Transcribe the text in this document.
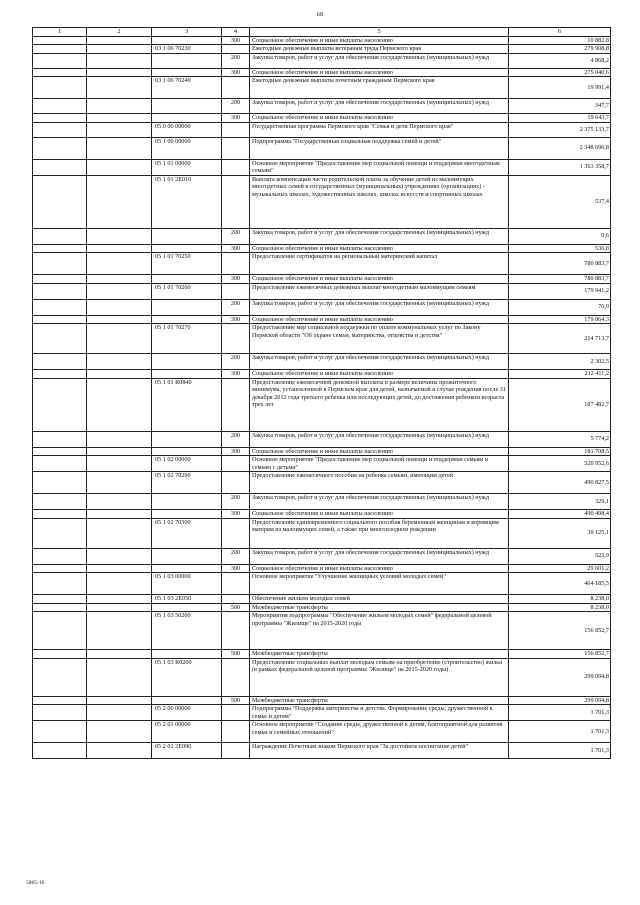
68
1	2	3	4	5	6
			300	Социальное обеспечение и иные выплаты населению	10 882,8
		03 1 06 70230		Ежегодные денежные выплаты ветеранам труда Пермского края	279 908,8
			200	Закупка товаров, работ и услуг для обеспечения государственных (муниципальных) нужд	4 868,2
			300	Социальное обеспечение и иные выплаты населению	275 040,6
		03 1 06 70240		Ежегодные денежные выплаты почетным гражданам Пермского края	19 991,4
			200	Закупка товаров, работ и услуг для обеспечения государственных (муниципальных) нужд	347,7
			300	Социальное обеспечение и иные выплаты населению	19 643,7
		05 0 00 00000		Государственная программа Пермского края "Семья и дети Пермского края"	2 375 133,7
		05 1 00 00000		Подпрограмма "Государственная социальная поддержка семей и детей"	2 348 696,8
		05 1 01 00000		Основное мероприятие "Предоставление мер социальной помощи и поддержки многодетным семьям"	1 363 358,7
		05 1 01 2E010		Выплата компенсации части родительской платы за обучение детей из малоимущих многодетных семей в государственных (муниципальных) учреждениях (организациях) - музыкальных школах, художественных школах, школах искусств и спортивных школах	537,4
			200	Закупка товаров, работ и услуг для обеспечения государственных (муниципальных) нужд	0,6
			300	Социальное обеспечение и иные выплаты населению	536,8
		05 1 01 70250		Предоставление сертификатов на региональный материнский капитал	780 883,7
			300	Социальное обеспечение и иные выплаты населению	780 883,7
		05 1 01 70260		Предоставление ежемесячных денежных выплат многодетным малоимущим семьям	179 941,2
			200	Закупка товаров, работ и услуг для обеспечения государственных (муниципальных) нужд	76,9
			300	Социальное обеспечение и иные выплаты населению	179 864,3
		05 1 01 70270		Предоставление мер социальной поддержки по оплате коммунальных услуг по Закону Пермской области "Об охране семьи, материнства, отцовства и детства"	214 713,7
			200	Закупка товаров, работ и услуг для обеспечения государственных (муниципальных) нужд	2 302,5
			300	Социальное обеспечение и иные выплаты населению	212 411,2
		05 1 01 R0840		Предоставление ежемесячной денежной выплаты в размере величины прожиточного минимума, установленной в Пермском крае для детей, назначаемой в случае рождения после 31 декабря 2012 года третьего ребенка или последующих детей, до достижения ребенком возраста трех лет	187 482,7
			200	Закупка товаров, работ и услуг для обеспечения государственных (муниципальных) нужд	5 774,2
			300	Социальное обеспечение и иные выплаты населению	181 708,5
		05 1 02 00000		Основное мероприятие "Предоставление мер социальной помощи и поддержки семьям и семьям с детьми"	520 952,6
		05 1 02 70290		Предоставление ежемесячного пособия на ребенка семьям, имеющим детей	490 827,5
			200	Закупка товаров, работ и услуг для обеспечения государственных (муниципальных) нужд	329,1
			300	Социальное обеспечение и иные выплаты населению	490 498,4
		05 1 02 70300		Предоставление единовременного социального пособия беременным женщинам и кормящим матерям из малоимущих семей, а также при многоплодном рождении	30 125,1
			200	Закупка товаров, работ и услуг для обеспечения государственных (муниципальных) нужд	523,9
			300	Социальное обеспечение и иные выплаты населению	29 601,2
		05 1 03 00000		Основное мероприятие "Улучшение жилищных условий молодых семей"	464 185,5
		05 1 03 2E050		Обеспечение жильем молодых семей	8 238,0
			500	Межбюджетные трансферты	8 238,0
		05 1 03 50200		Мероприятия подпрограммы "Обеспечение жильем молодых семей" федеральной целевой программы "Жилище" на 2015-2020 годы	156 852,7
			500	Межбюджетные трансферты	156 852,7
		05 1 03 R0200		Предоставление социальных выплат молодым семьям на приобретение (строительство) жилья (в рамках федеральной целевой программы "Жилище" на 2015-2020 годы)	299 094,8
			500	Межбюджетные трансферты	299 094,8
		05 2 00 00000		Подпрограмма "Поддержка материнства и детства. Формирование среды, дружественной к семье и детям"	1 701,3
		05 2 01 00000		Основное мероприятие "Создание среды, дружественной к детям, благоприятной для развития семьи и семейных отношений"	1 701,3
		05 2 01 2E090		Награждение Почетным знаком Пермского края "За достойное воспитание детей"	1 701,3
5865-16
